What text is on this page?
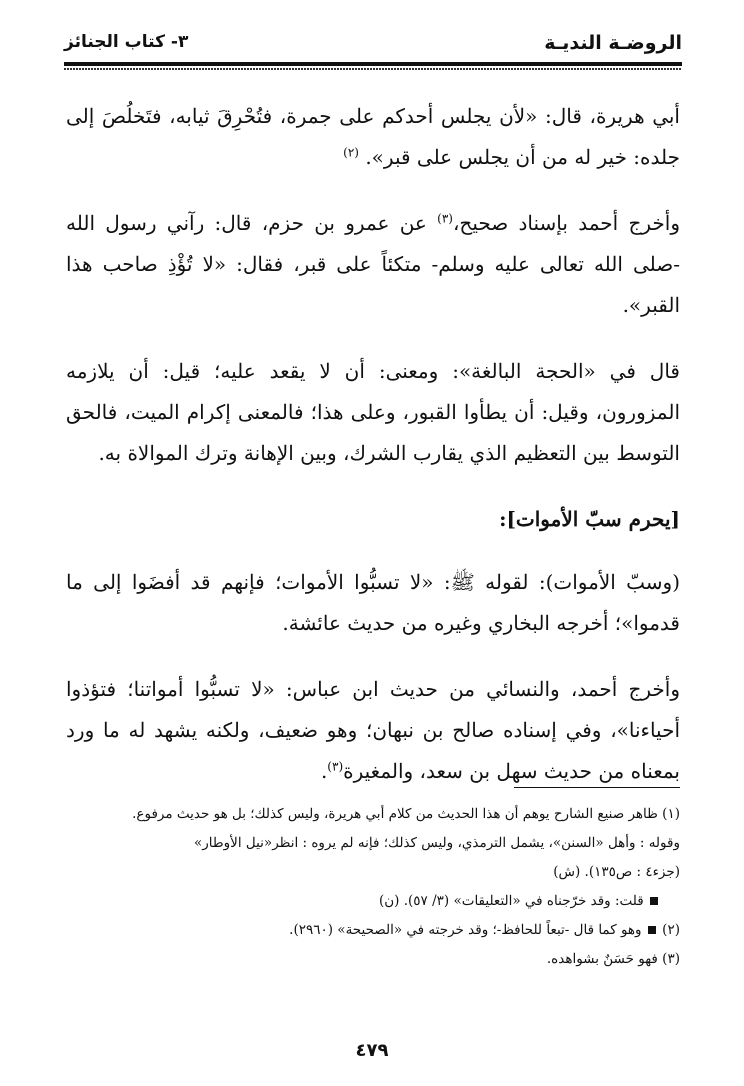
الروضـة النديـة
٣- كتاب الجنائز

أبي هريرة، قال: «لأن يجلس أحدكم على جمرة، فتُحْرِقَ ثيابه، فتَخلُصَ إلى جلده: خير له من أن يجلس على قبر». $^{(٢)}$

وأخرج أحمد بإسناد صحيح،$^{(٣)}$ عن عمرو بن حزم، قال: رآني رسول الله -صلى الله تعالى عليه وسلم- متكئاً على قبر، فقال: «لا تُؤْذِ صاحب هذا القبر».

قال في «الحجة البالغة»: ومعنى: أن لا يقعد عليه؛ قيل: أن يلازمه المزورون، وقيل: أن يطأوا القبور، وعلى هذا؛ فالمعنى إكرام الميت، فالحق التوسط بين التعظيم الذي يقارب الشرك، وبين الإهانة وترك الموالاة به.

[يحرم سبّ الأموات]:

(وسبّ الأموات): لقوله ﷺ: «لا تسبُّوا الأموات؛ فإنهم قد أفضَوا إلى ما قدموا»؛ أخرجه البخاري وغيره من حديث عائشة.

وأخرج أحمد، والنسائي من حديث ابن عباس: «لا تسبُّوا أمواتنا؛ فتؤذوا أحياءنا»، وفي إسناده صالح بن نبهان؛ وهو ضعيف، ولكنه يشهد له ما ورد بمعناه من حديث سهل بن سعد، والمغيرة$^{(٣)}$.

(١) ظاهر صنيع الشارح يوهم أن هذا الحديث من كلام أبي هريرة، وليس كذلك؛ بل هو حديث مرفوع.

وقوله : وأهل «السنن»، يشمل الترمذي، وليس كذلك؛ فإنه لم يروه : انظر«نيل الأوطار»

(جزء٤ : ص١٣٥). (ش)

قلت: وقد خرّجناه في «التعليقات» (٣/ ٥٧). (ن)

(٢)  وهو كما قال -تبعاً للحافظ-؛ وقد خرجته في «الصحيحة» (٢٩٦٠).

(٣) فهو حَسَنٌ بشواهده.

٤٧٩
